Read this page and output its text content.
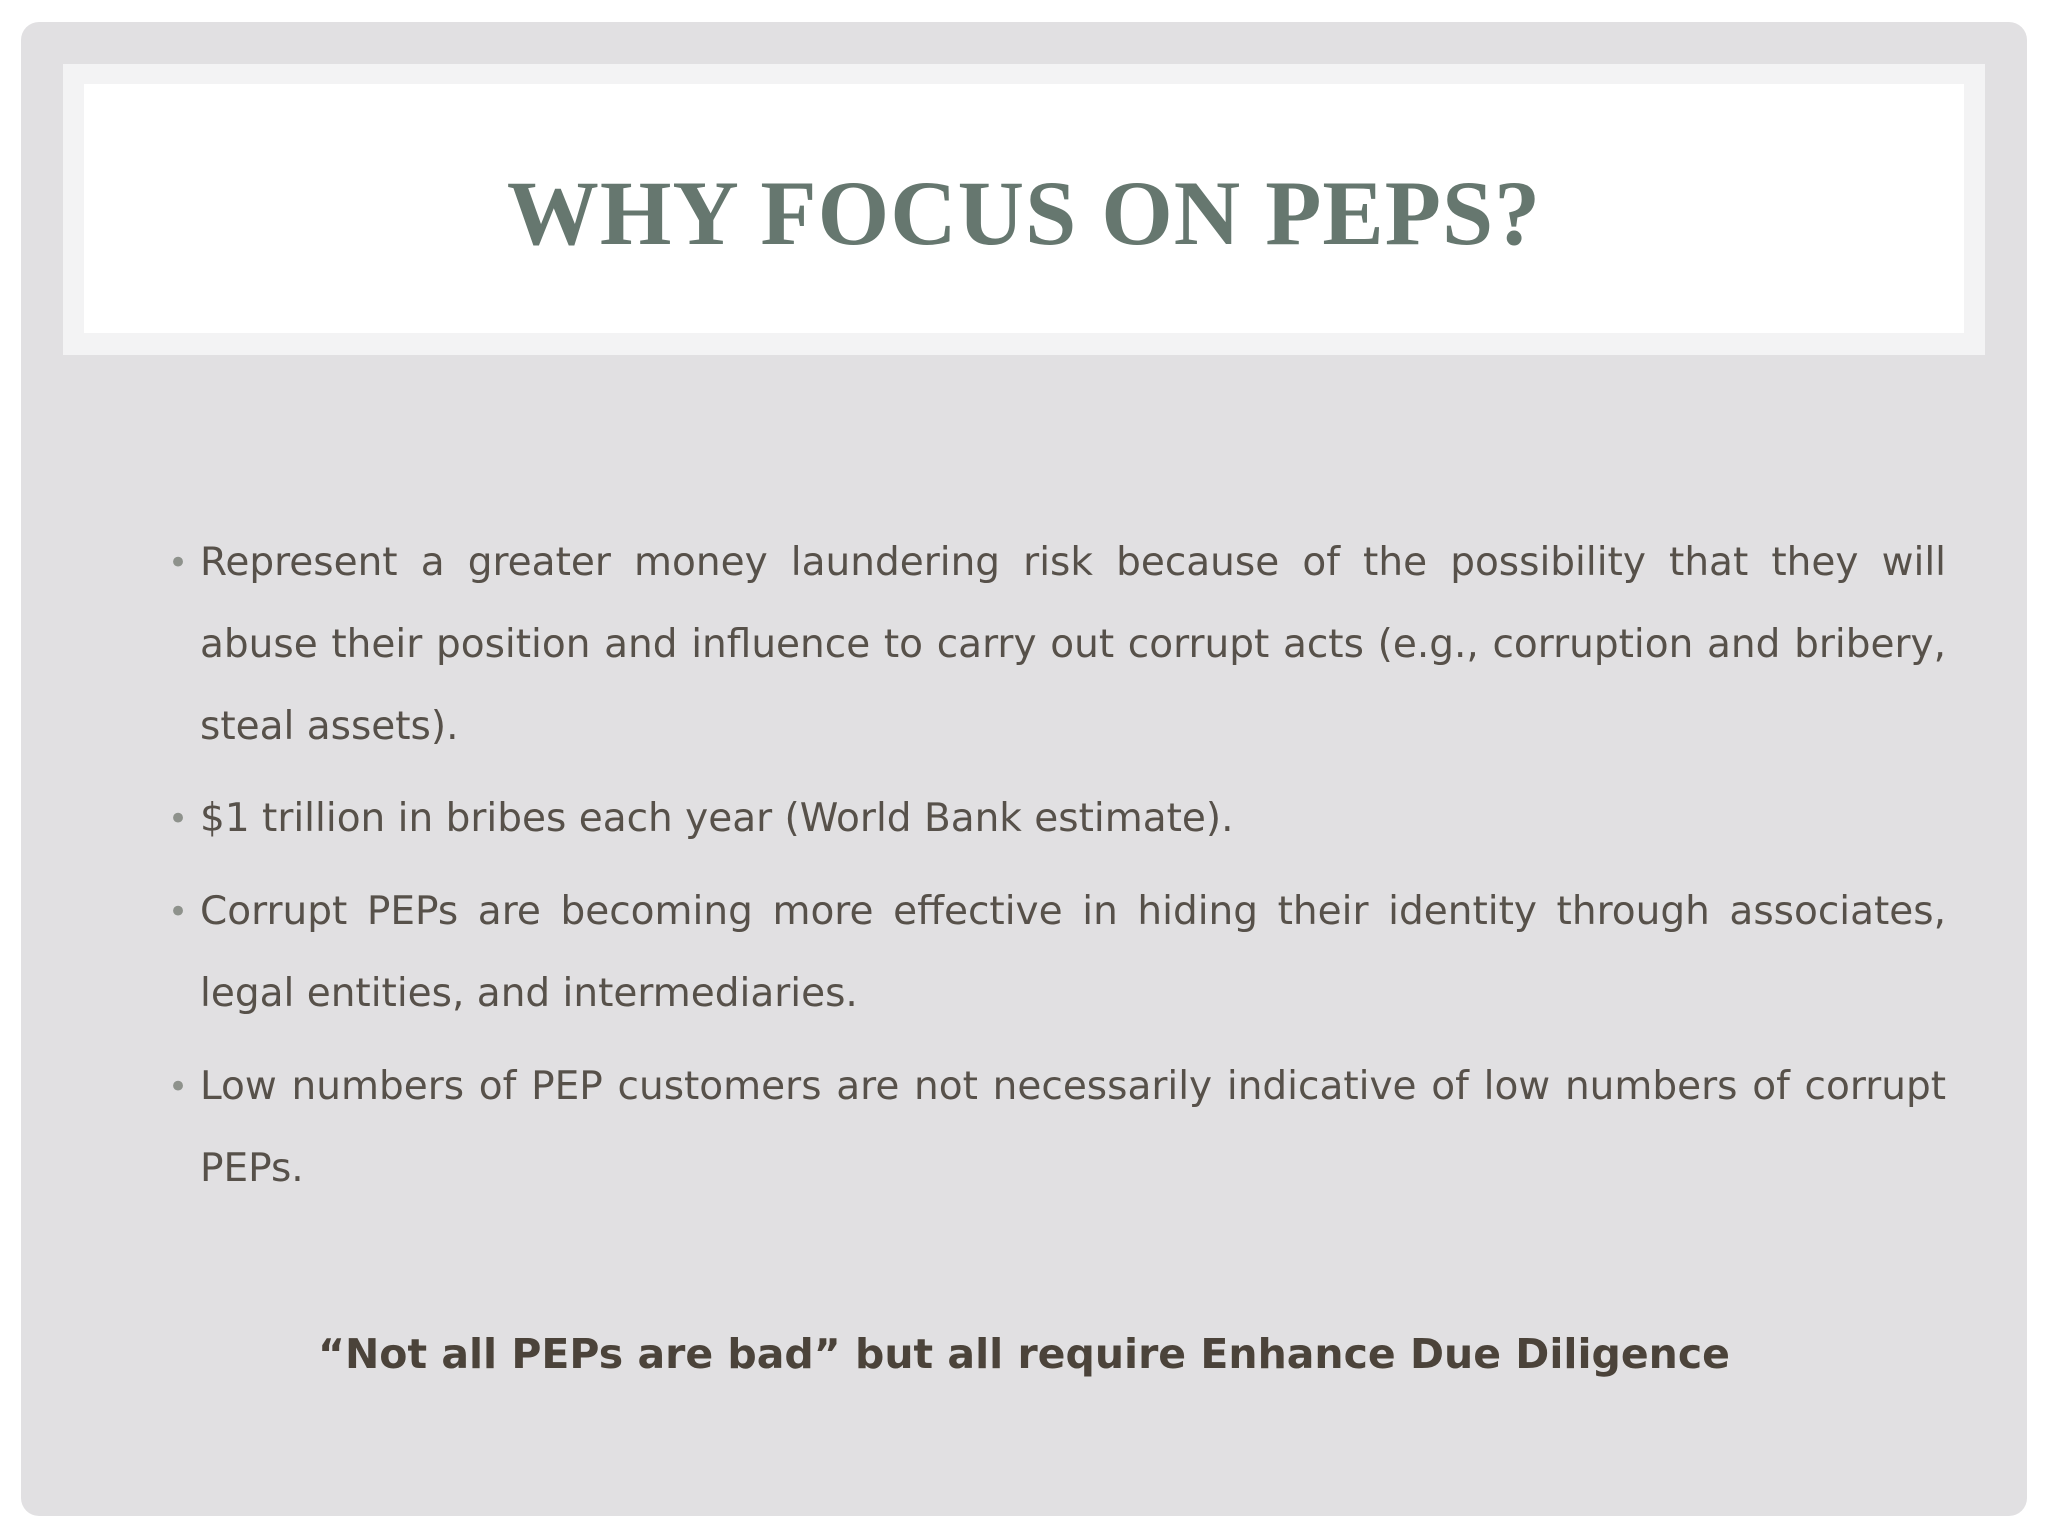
WHY FOCUS ON PEPS?
• Represent a greater money laundering risk because of the possibility that they will abuse their position and influence to carry out corrupt acts (e.g., corruption and bribery, steal assets).
• $1 trillion in bribes each year (World Bank estimate).
• Corrupt PEPs are becoming more effective in hiding their identity through associates, legal entities, and intermediaries.
• Low numbers of PEP customers are not necessarily indicative of low numbers of corrupt PEPs.
“Not all PEPs are bad” but all require Enhance Due Diligence
